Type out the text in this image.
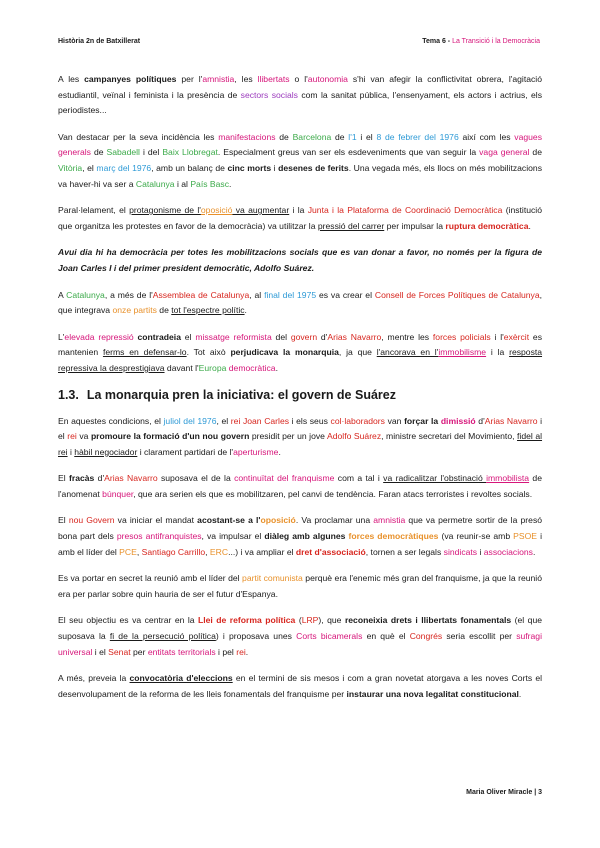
Història 2n de Batxillerat	Tema 6 - La Transició i la Democràcia

A les campanyes polítiques per l'amnistia, les llibertats o l'autonomia s'hi van afegir la conflictivitat obrera, l'agitació estudiantil, veïnal i feminista i la presència de sectors socials com la sanitat pública, l'ensenyament, els actors i actrius, els periodistes...

Van destacar per la seva incidència les manifestacions de Barcelona de l'1 i el 8 de febrer del 1976 així com les vagues generals de Sabadell i del Baix Llobregat. Especialment greus van ser els esdeveniments que van seguir la vaga general de Vitòria, el març del 1976, amb un balanç de cinc morts i desenes de ferits. Una vegada més, els llocs on més mobilitzacions va haver-hi va ser a Catalunya i al País Basc.

Paral·lelament, el protagonisme de l'oposició va augmentar i la Junta i la Plataforma de Coordinació Democràtica (institució que organitza les protestes en favor de la democràcia) va utilitzar la pressió del carrer per impulsar la ruptura democràtica.

Avui dia hi ha democràcia per totes les mobilitzacions socials que es van donar a favor, no només per la figura de Joan Carles I i del primer president democràtic, Adolfo Suárez.

A Catalunya, a més de l'Assemblea de Catalunya, al final del 1975 es va crear el Consell de Forces Polítiques de Catalunya, que integrava onze partits de tot l'espectre polític.

L'elevada repressió contradeia el missatge reformista del govern d'Arias Navarro, mentre les forces policials i l'exèrcit es mantenien ferms en defensar-lo. Tot això perjudicava la monarquia, ja que l'ancorava en l'immobilisme i la resposta repressiva la desprestigiava davant l'Europa democràtica.

1.3. La monarquia pren la iniciativa: el govern de Suárez

En aquestes condicions, el juliol del 1976, el rei Joan Carles i els seus col·laboradors van forçar la dimissió d'Arias Navarro i el rei va promoure la formació d'un nou govern presidit per un jove Adolfo Suárez, ministre secretari del Movimiento, fidel al rei i hàbil negociador i clarament partidari de l'aperturisme.

El fracàs d'Arias Navarro suposava el de la continuïtat del franquisme com a tal i va radicalitzar l'obstinació immobilista de l'anomenat búnquer, que ara serien els que es mobilitzaren, pel canvi de tendència. Faran atacs terroristes i revoltes socials.

El nou Govern va iniciar el mandat acostant-se a l'oposició. Va proclamar una amnistia que va permetre sortir de la presó bona part dels presos antifranquistes, va impulsar el diàleg amb algunes forces democràtiques (va reunir-se amb PSOE i amb el líder del PCE, Santiago Carrillo, ERC...) i va ampliar el dret d'associació, tornen a ser legals sindicats i associacions.

Es va portar en secret la reunió amb el líder del partit comunista perquè era l'enemic més gran del franquisme, ja que la reunió era per parlar sobre quin hauria de ser el futur d'Espanya.

El seu objectiu es va centrar en la Llei de reforma política (LRP), que reconeixia drets i llibertats fonamentals (el que suposava la fi de la persecució política) i proposava unes Corts bicamerals en què el Congrés seria escollit per sufragi universal i el Senat per entitats territorials i pel rei.

A més, preveia la convocatòria d'eleccions en el termini de sis mesos i com a gran novetat atorgava a les noves Corts el desenvolupament de la reforma de les lleis fonamentals del franquisme per instaurar una nova legalitat constitucional.

Maria Oliver Miracle | 3
